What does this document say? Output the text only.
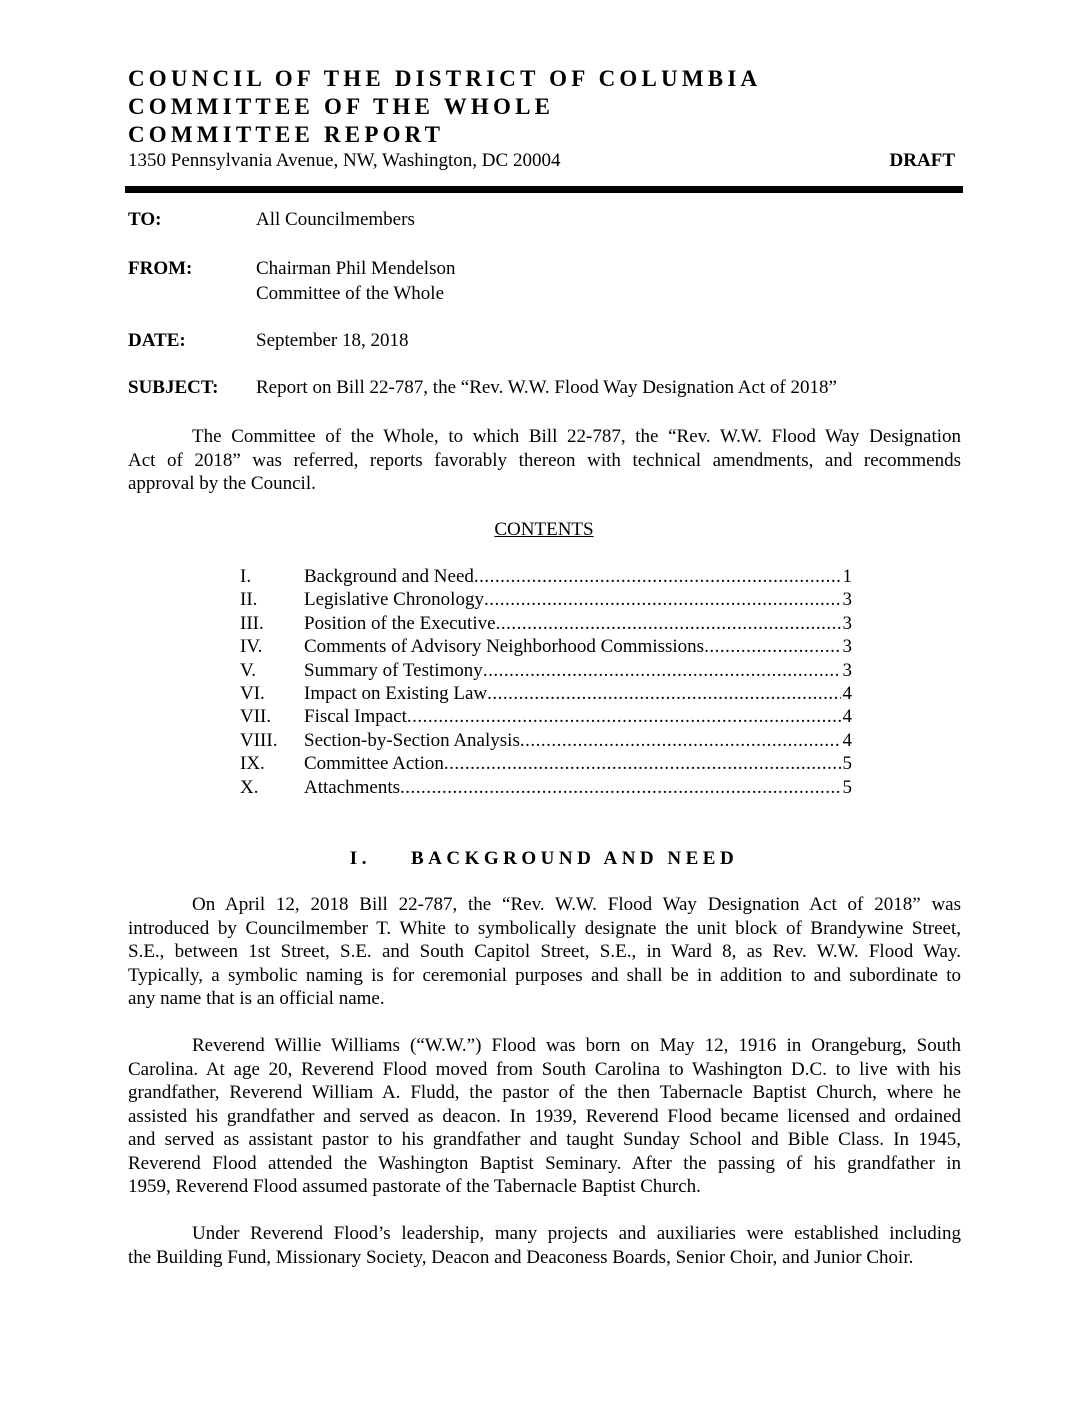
COUNCIL OF THE DISTRICT OF COLUMBIA
COMMITTEE OF THE WHOLE
COMMITTEE REPORT
1350 Pennsylvania Avenue, NW, Washington, DC 20004	DRAFT
TO:	All Councilmembers
FROM:	Chairman Phil Mendelson
Committee of the Whole
DATE:	September 18, 2018
SUBJECT: Report on Bill 22-787, the “Rev. W.W. Flood Way Designation Act of 2018”
The Committee of the Whole, to which Bill 22-787, the “Rev. W.W. Flood Way Designation
Act of 2018” was referred, reports favorably thereon with technical amendments, and recommends
approval by the Council.
CONTENTS
I.	Background and Need .....	1
II.	Legislative Chronology .....	3
III.	Position of the Executive .....	3
IV.	Comments of Advisory Neighborhood Commissions .....	3
V.	Summary of Testimony .....	3
VI.	Impact on Existing Law .....	4
VII.	Fiscal Impact .....	4
VIII.	Section-by-Section Analysis .....	4
IX.	Committee Action .....	5
X.	Attachments .....	5
I. BACKGROUND AND NEED
On April 12, 2018 Bill 22-787, the “Rev. W.W. Flood Way Designation Act of 2018” was
introduced by Councilmember T. White to symbolically designate the unit block of Brandywine Street,
S.E., between 1st Street, S.E. and South Capitol Street, S.E., in Ward 8, as Rev. W.W. Flood Way.
Typically, a symbolic naming is for ceremonial purposes and shall be in addition to and subordinate to
any name that is an official name.
Reverend Willie Williams (“W.W.”) Flood was born on May 12, 1916 in Orangeburg, South
Carolina. At age 20, Reverend Flood moved from South Carolina to Washington D.C. to live with his
grandfather, Reverend William A. Fludd, the pastor of the then Tabernacle Baptist Church, where he
assisted his grandfather and served as deacon. In 1939, Reverend Flood became licensed and ordained
and served as assistant pastor to his grandfather and taught Sunday School and Bible Class. In 1945,
Reverend Flood attended the Washington Baptist Seminary. After the passing of his grandfather in
1959, Reverend Flood assumed pastorate of the Tabernacle Baptist Church.
Under Reverend Flood’s leadership, many projects and auxiliaries were established including
the Building Fund, Missionary Society, Deacon and Deaconess Boards, Senior Choir, and Junior Choir.
